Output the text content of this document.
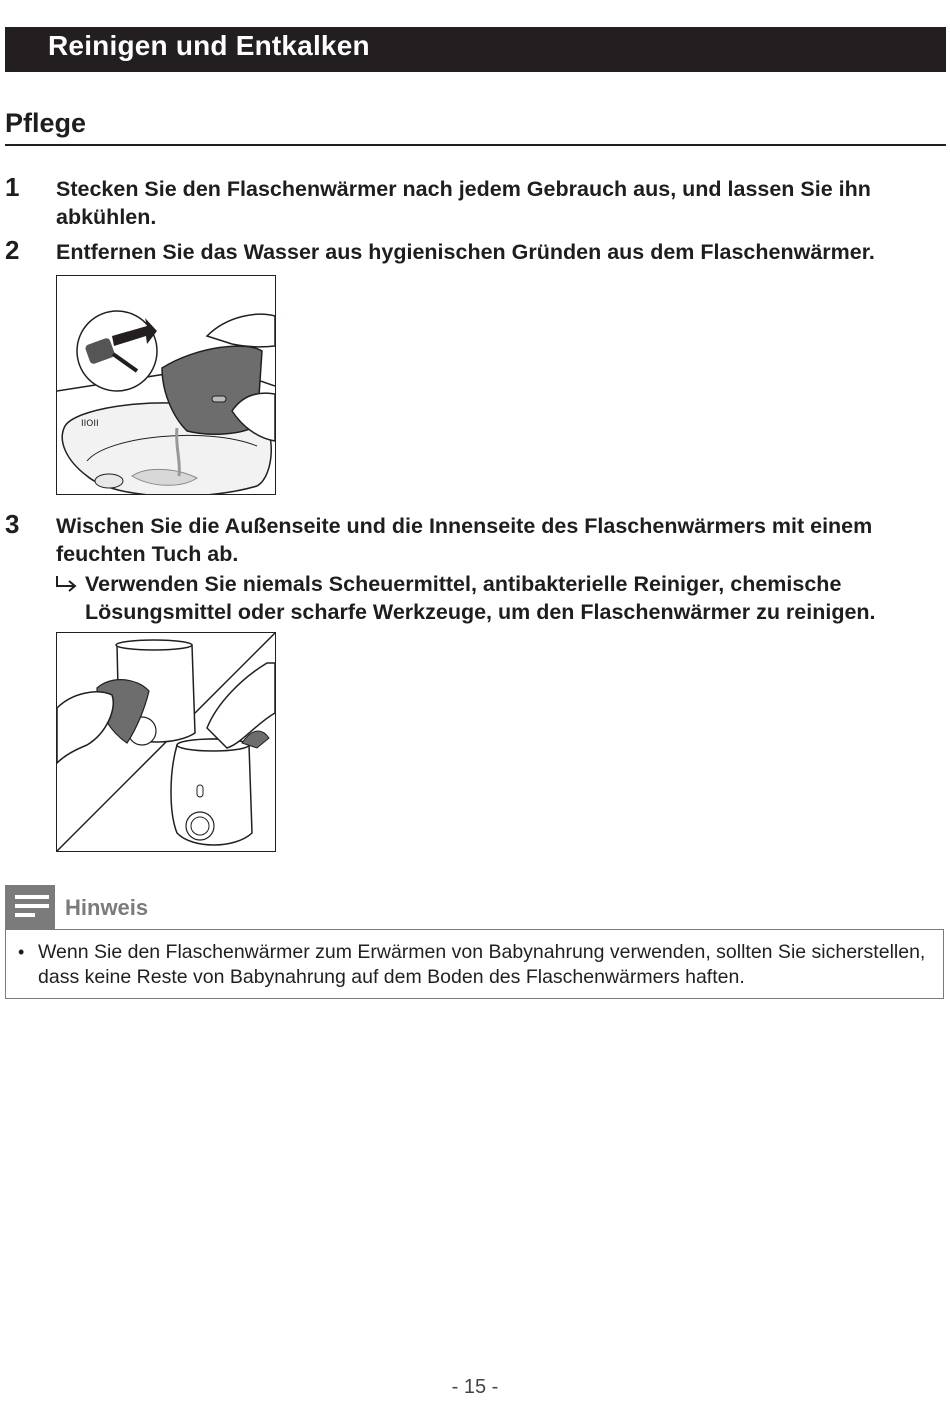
Reinigen und Entkalken
Pflege
1 Stecken Sie den Flaschenwärmer nach jedem Gebrauch aus, und lassen Sie ihn abkühlen.
2 Entfernen Sie das Wasser aus hygienischen Gründen aus dem Flaschenwärmer.
IIOII
3 Wischen Sie die Außenseite und die Innenseite des Flaschenwärmers mit einem feuchten Tuch ab.
Verwenden Sie niemals Scheuermittel, antibakterielle Reiniger, chemische Lösungsmittel oder scharfe Werkzeuge, um den Flaschenwärmer zu reinigen.
Hinweis
• Wenn Sie den Flaschenwärmer zum Erwärmen von Babynahrung verwenden, sollten Sie sicherstellen, dass keine Reste von Babynahrung auf dem Boden des Flaschenwärmers haften.
- 15 -
